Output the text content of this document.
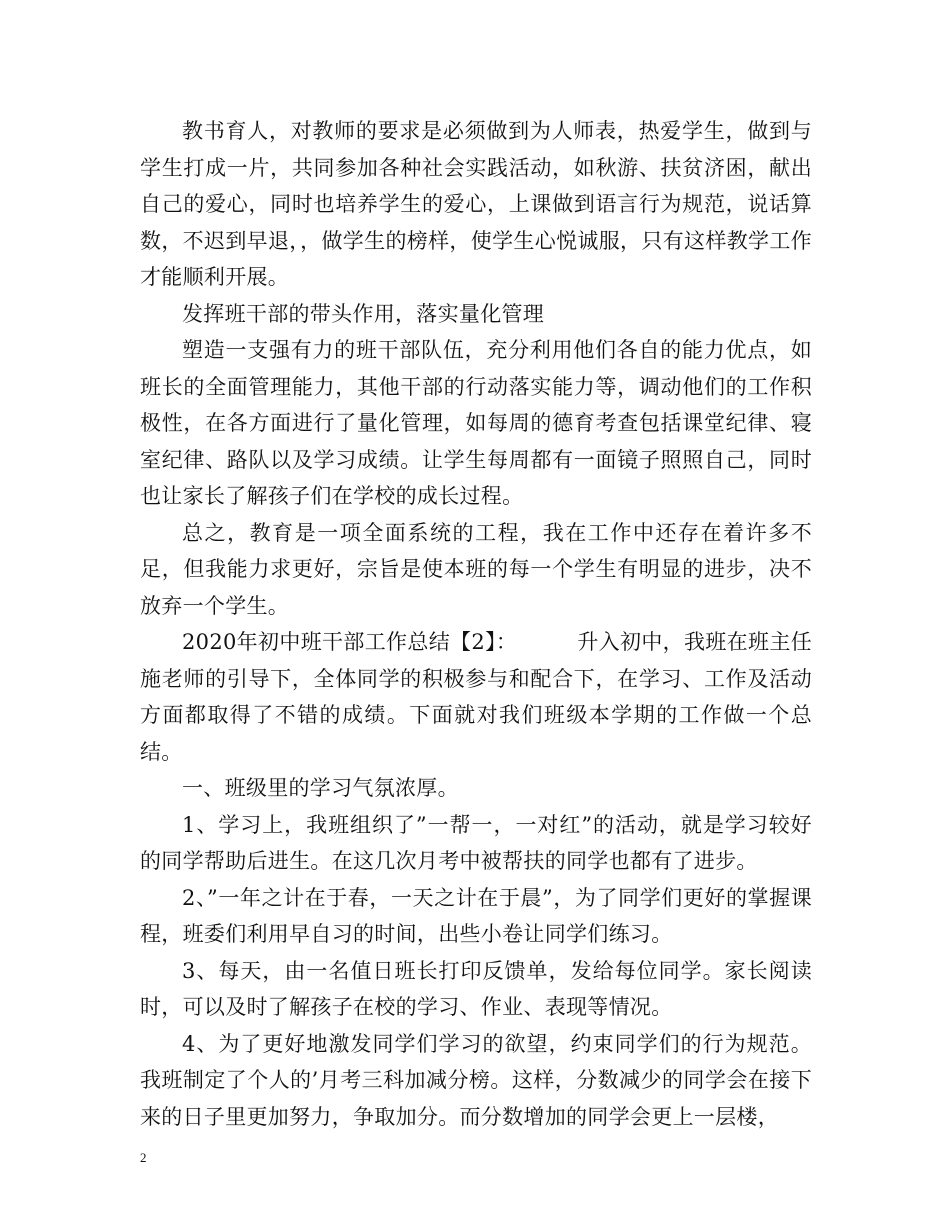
教书育人，对教师的要求是必须做到为人师表，热爱学生，做到与学生打成一片，共同参加各种社会实践活动，如秋游、扶贫济困，献出自己的爱心，同时也培养学生的爱心，上课做到语言行为规范，说话算数，不迟到早退，，做学生的榜样，使学生心悦诚服，只有这样教学工作才能顺利开展。

发挥班干部的带头作用，落实量化管理

塑造一支强有力的班干部队伍，充分利用他们各自的能力优点，如班长的全面管理能力，其他干部的行动落实能力等，调动他们的工作积极性，在各方面进行了量化管理，如每周的德育考查包括课堂纪律、寝室纪律、路队以及学习成绩。让学生每周都有一面镜子照照自己，同时也让家长了解孩子们在学校的成长过程。

总之，教育是一项全面系统的工程，我在工作中还存在着许多不足，但我能力求更好，宗旨是使本班的每一个学生有明显的进步，决不放弃一个学生。

2020年初中班干部工作总结【2】：	升入初中，我班在班主任施老师的引导下，全体同学的积极参与和配合下，在学习、工作及活动方面都取得了不错的成绩。下面就对我们班级本学期的工作做一个总结。

一、班级里的学习气氛浓厚。

1、学习上，我班组织了”一帮一，一对红”的活动，就是学习较好的同学帮助后进生。在这几次月考中被帮扶的同学也都有了进步。

2、”一年之计在于春，一天之计在于晨”，为了同学们更好的掌握课程，班委们利用早自习的时间，出些小卷让同学们练习。

3、每天，由一名值日班长打印反馈单，发给每位同学。家长阅读时，可以及时了解孩子在校的学习、作业、表现等情况。

4、为了更好地激发同学们学习的欲望，约束同学们的行为规范。我班制定了个人的’月考三科加减分榜。这样，分数减少的同学会在接下来的日子里更加努力，争取加分。而分数增加的同学会更上一层楼，

2
